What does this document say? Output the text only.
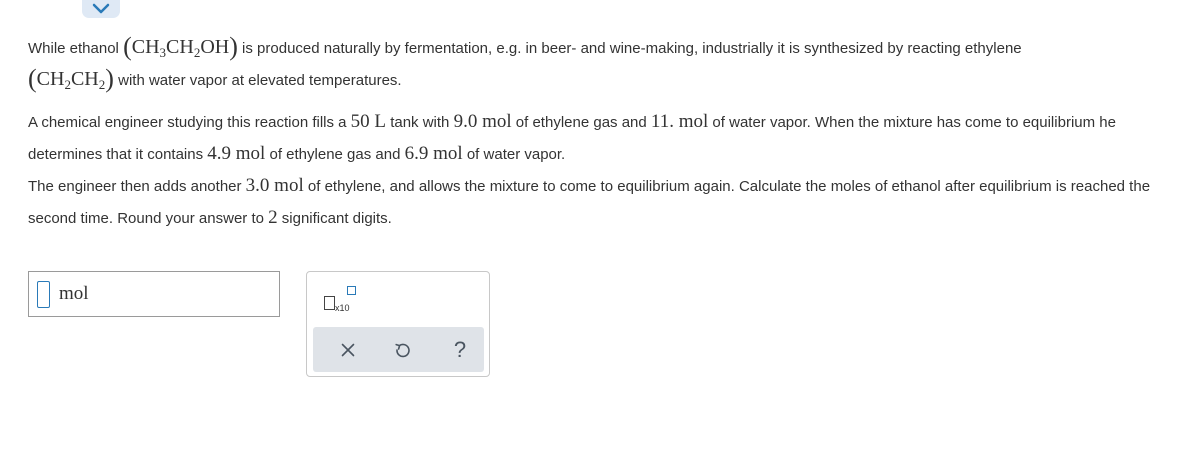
While ethanol $(CH_3CH_2OH)$ is produced naturally by fermentation, e.g. in beer- and wine-making, industrially it is synthesized by reacting ethylene
$(CH_2CH_2)$ with water vapor at elevated temperatures.
A chemical engineer studying this reaction fills a 50 L tank with 9.0 mol of ethylene gas and 11. mol of water vapor. When the mixture has come to equilibrium he determines that it contains 4.9 mol of ethylene gas and 6.9 mol of water vapor.
The engineer then adds another 3.0 mol of ethylene, and allows the mixture to come to equilibrium again. Calculate the moles of ethanol after equilibrium is reached the second time. Round your answer to 2 significant digits.
mol
x10
?
